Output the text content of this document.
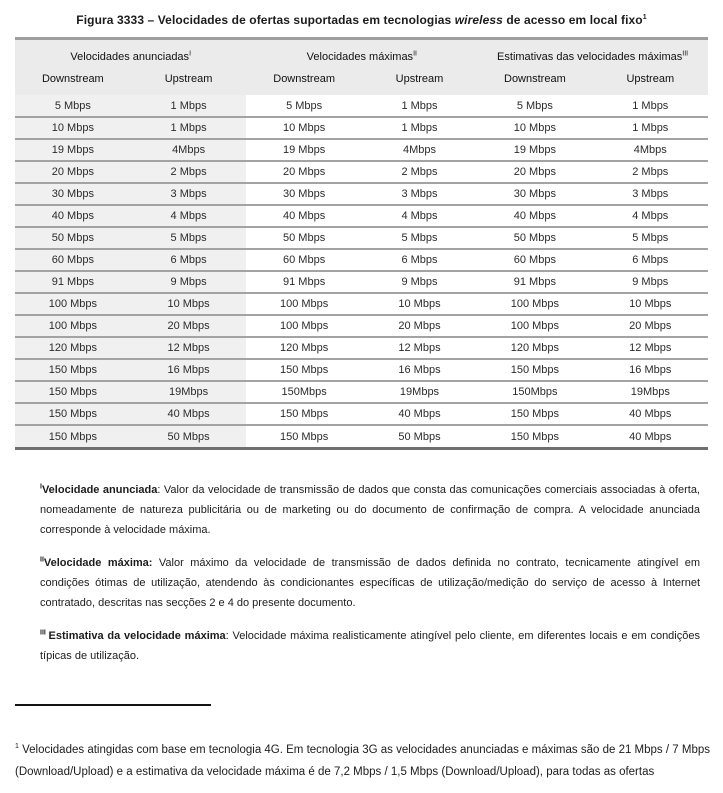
Figura 3333 – Velocidades de ofertas suportadas em tecnologias wireless de acesso em local fixo$^1$
Velocidades anunciadas$^I$		Velocidades máximas$^{II}$		Estimativas das velocidades máximas$^{III}$
Downstream	Upstream	Downstream	Upstream	Downstream	Upstream
5 Mbps	1 Mbps	5 Mbps	1 Mbps	5 Mbps	1 Mbps
10 Mbps	1 Mbps	10 Mbps	1 Mbps	10 Mbps	1 Mbps
19 Mbps	4Mbps	19 Mbps	4Mbps	19 Mbps	4Mbps
20 Mbps	2 Mbps	20 Mbps	2 Mbps	20 Mbps	2 Mbps
30 Mbps	3 Mbps	30 Mbps	3 Mbps	30 Mbps	3 Mbps
40 Mbps	4 Mbps	40 Mbps	4 Mbps	40 Mbps	4 Mbps
50 Mbps	5 Mbps	50 Mbps	5 Mbps	50 Mbps	5 Mbps
60 Mbps	6 Mbps	60 Mbps	6 Mbps	60 Mbps	6 Mbps
91 Mbps	9 Mbps	91 Mbps	9 Mbps	91 Mbps	9 Mbps
100 Mbps	10 Mbps	100 Mbps	10 Mbps	100 Mbps	10 Mbps
100 Mbps	20 Mbps	100 Mbps	20 Mbps	100 Mbps	20 Mbps
120 Mbps	12 Mbps	120 Mbps	12 Mbps	120 Mbps	12 Mbps
150 Mbps	16 Mbps	150 Mbps	16 Mbps	150 Mbps	16 Mbps
150 Mbps	19Mbps	150Mbps	19Mbps	150Mbps	19Mbps
150 Mbps	40 Mbps	150 Mbps	40 Mbps	150 Mbps	40 Mbps
150 Mbps	50 Mbps	150 Mbps	50 Mbps	150 Mbps	40 Mbps

$^I$Velocidade anunciada: Valor da velocidade de transmissão de dados que consta das comunicações comerciais associadas à oferta, nomeadamente de natureza publicitária ou de marketing ou do documento de confirmação de compra. A velocidade anunciada corresponde à velocidade máxima.

$^{II}$Velocidade máxima: Valor máximo da velocidade de transmissão de dados definida no contrato, tecnicamente atingível em condições ótimas de utilização, atendendo às condicionantes específicas de utilização/medição do serviço de acesso à Internet contratado, descritas nas secções 2 e 4 do presente documento.

$^{III}$ Estimativa da velocidade máxima: Velocidade máxima realisticamente atingível pelo cliente, em diferentes locais e em condições típicas de utilização.

$^1$ Velocidades atingidas com base em tecnologia 4G. Em tecnologia 3G as velocidades anunciadas e máximas são de 21 Mbps / 7 Mbps (Download/Upload) e a estimativa da velocidade máxima é de 7,2 Mbps / 1,5 Mbps (Download/Upload), para todas as ofertas
